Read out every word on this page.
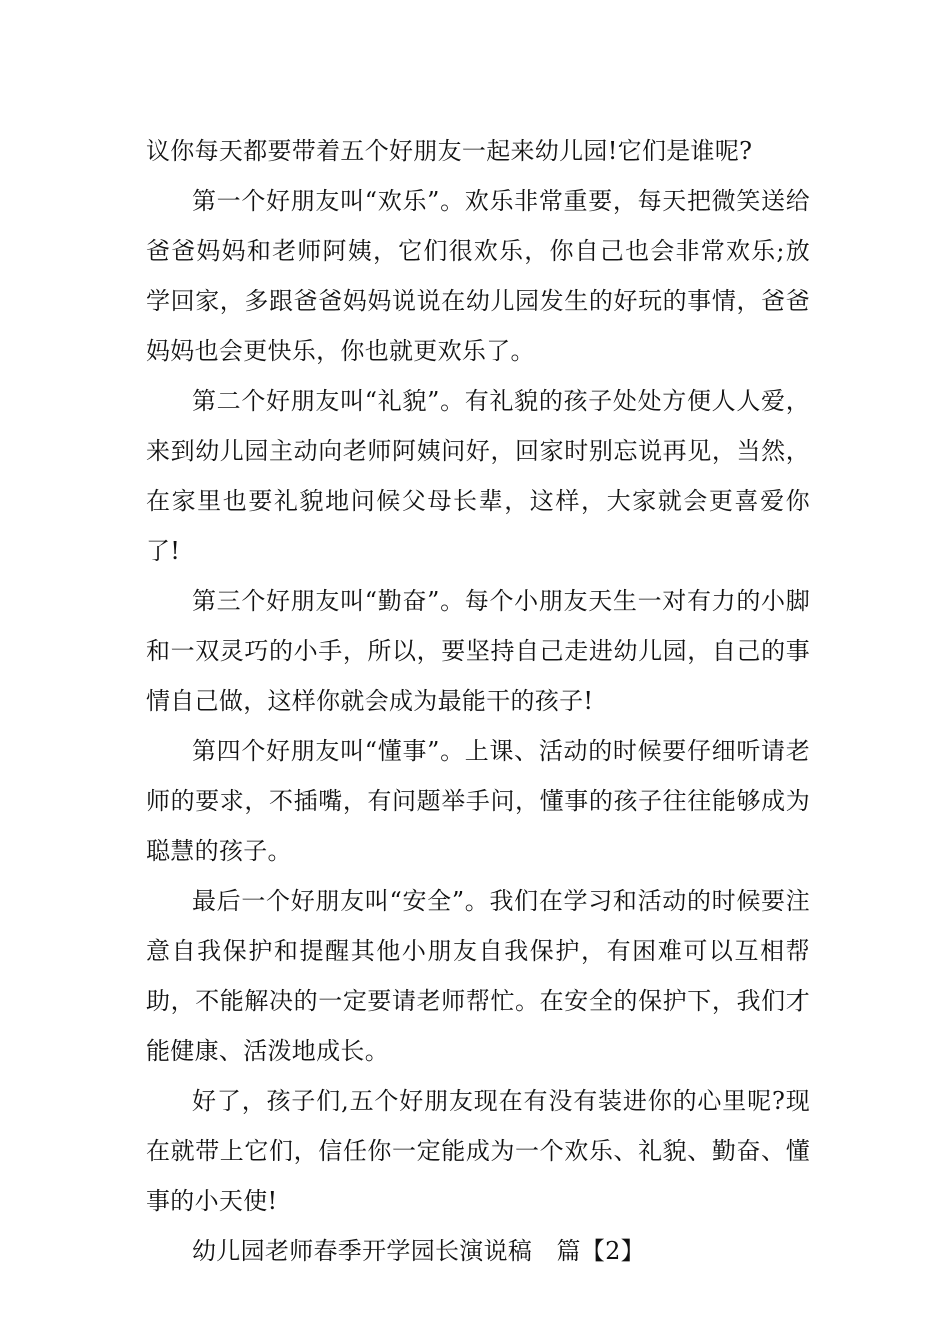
议你每天都要带着五个好朋友一起来幼儿园!它们是谁呢?

第一个好朋友叫“欢乐”。欢乐非常重要，每天把微笑送给爸爸妈妈和老师阿姨，它们很欢乐，你自己也会非常欢乐;放学回家，多跟爸爸妈妈说说在幼儿园发生的好玩的事情，爸爸妈妈也会更快乐，你也就更欢乐了。

第二个好朋友叫“礼貌”。有礼貌的孩子处处方便人人爱，来到幼儿园主动向老师阿姨问好，回家时别忘说再见，当然，在家里也要礼貌地问候父母长辈，这样，大家就会更喜爱你了!

第三个好朋友叫“勤奋”。每个小朋友天生一对有力的小脚和一双灵巧的小手，所以，要坚持自己走进幼儿园，自己的事情自己做，这样你就会成为最能干的孩子!

第四个好朋友叫“懂事”。上课、活动的时候要仔细听请老师的要求，不插嘴，有问题举手问，懂事的孩子往往能够成为聪慧的孩子。

最后一个好朋友叫“安全”。我们在学习和活动的时候要注意自我保护和提醒其他小朋友自我保护，有困难可以互相帮助，不能解决的一定要请老师帮忙。在安全的保护下，我们才能健康、活泼地成长。

好了，孩子们,五个好朋友现在有没有装进你的心里呢?现在就带上它们，信任你一定能成为一个欢乐、礼貌、勤奋、懂事的小天使!

幼儿园老师春季开学园长演说稿　篇【2】
